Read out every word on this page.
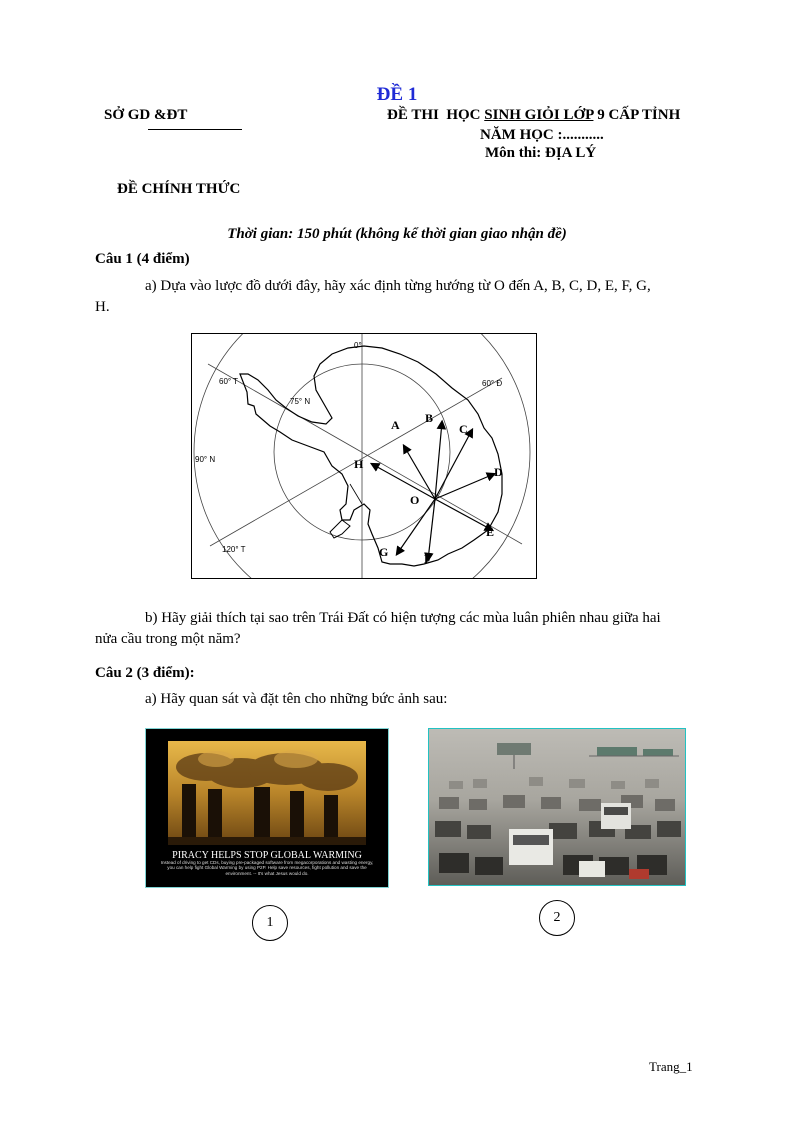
ĐỀ 1
SỞ GD &ĐT	ĐỀ THI  HỌC SINH GIỎI LỚP 9 CẤP TỈNH
NĂM HỌC :...........
Môn thi: ĐỊA LÝ
ĐỀ CHÍNH THỨC
Thời gian: 150 phút (không kể thời gian giao nhận đề)
Câu 1 (4 điểm)
a) Dựa vào lược đồ dưới đây, hãy xác định từng hướng từ O đến A, B, C, D, E, F, G,
H.
0°
60° T	60° Đ
75° N
90° N
120° T
A B
C
D
E
F
G
H
O
b) Hãy giải thích tại sao trên Trái Đất có hiện tượng các mùa luân phiên nhau giữa hai
nửa cầu trong một năm?
Câu 2 (3 điểm):
a) Hãy quan sát và đặt tên cho những bức ảnh sau:
PIRACY HELPS STOP GLOBAL WARMING
Instead of driving to get CDs, buying pre-packaged software from megacorporations and wasting energy, you can help fight Global Warming by using P2P. Help save resources, fight pollution and save the environment. -- It's what Jesus would do.
1	2
Trang_1
